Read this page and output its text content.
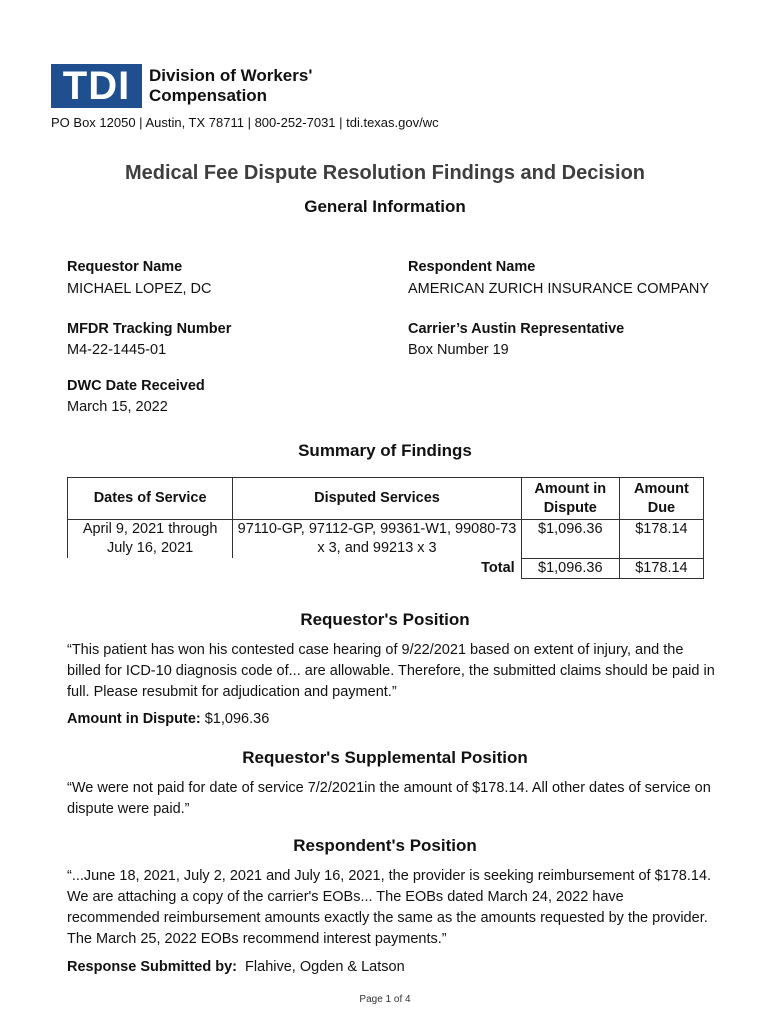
TDI	Division of Workers'
Compensation
PO Box 12050 | Austin, TX 78711 | 800-252-7031 | tdi.texas.gov/wc
Medical Fee Dispute Resolution Findings and Decision
General Information
Requestor Name
MICHAEL LOPEZ, DC
Respondent Name
AMERICAN ZURICH INSURANCE COMPANY
MFDR Tracking Number
M4-22-1445-01
Carrier’s Austin Representative
Box Number 19
DWC Date Received
March 15, 2022
Summary of Findings
Dates of Service	Disputed Services	Amount in Dispute	Amount Due
April 9, 2021 through July 16, 2021	97110-GP, 97112-GP, 99361-W1, 99080-73 x 3, and 99213 x 3	$1,096.36	$178.14
	Total	$1,096.36	$178.14
Requestor's Position
“This patient has won his contested case hearing of 9/22/2021 based on extent of injury, and the billed for ICD-10 diagnosis code of... are allowable. Therefore, the submitted claims should be paid in full. Please resubmit for adjudication and payment.”
Amount in Dispute: $1,096.36
Requestor's Supplemental Position
“We were not paid for date of service 7/2/2021in the amount of $178.14. All other dates of service on dispute were paid.”
Respondent's Position
“...June 18, 2021, July 2, 2021 and July 16, 2021, the provider is seeking reimbursement of $178.14. We are attaching a copy of the carrier's EOBs... The EOBs dated March 24, 2022 have recommended reimbursement amounts exactly the same as the amounts requested by the provider. The March 25, 2022 EOBs recommend interest payments.”
Response Submitted by:  Flahive, Ogden & Latson
Page 1 of 4
